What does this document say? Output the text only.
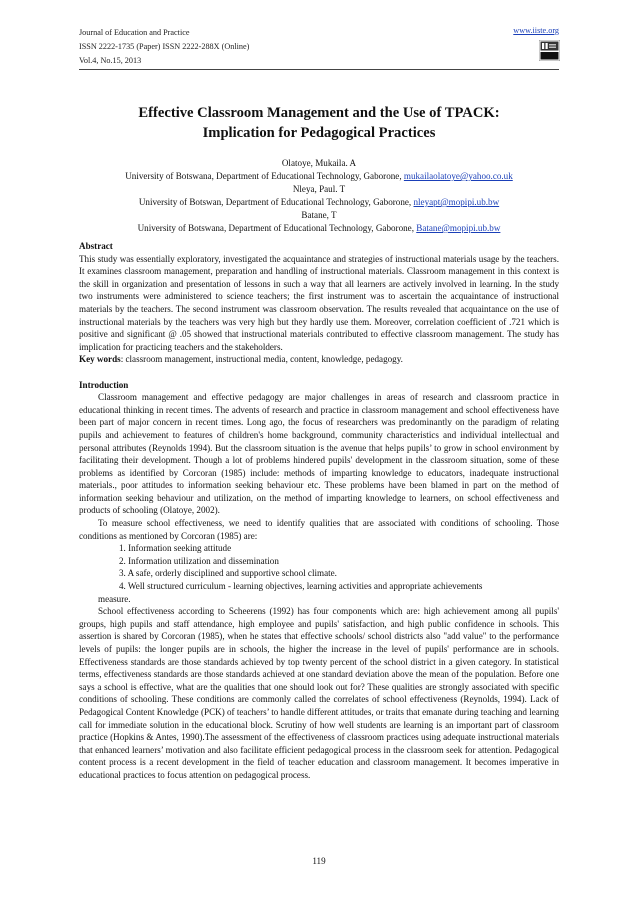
Journal of Education and Practice
ISSN 2222-1735 (Paper) ISSN 2222-288X (Online)
Vol.4, No.15, 2013
www.iiste.org
Effective Classroom Management and the Use of TPACK:
Implication for Pedagogical Practices
Olatoye, Mukaila. A
University of Botswana, Department of Educational Technology, Gaborone, mukailaolatoye@yahoo.co.uk
Nleya, Paul. T
University of Botswan, Department of Educational Technology, Gaborone, nleyapt@mopipi.ub.bw
Batane, T
University of Botswana, Department of Educational Technology, Gaborone, Batane@mopipi.ub.bw
Abstract

This study was essentially exploratory, investigated the acquaintance and strategies of instructional materials usage by the teachers. It examines classroom management, preparation and handling of instructional materials. Classroom management in this context is the skill in organization and presentation of lessons in such a way that all learners are actively involved in learning. In the study two instruments were administered to science teachers; the first instrument was to ascertain the acquaintance of instructional materials by the teachers. The second instrument was classroom observation. The results revealed that acquaintance on the use of instructional materials by the teachers was very high but they hardly use them. Moreover, correlation coefficient of .721 which is positive and significant @ .05 showed that instructional materials contributed to effective classroom management. The study has implication for practicing teachers and the stakeholders.

Key words: classroom management, instructional media, content, knowledge, pedagogy.

Introduction

Classroom management and effective pedagogy are major challenges in areas of research and classroom practice in educational thinking in recent times. The advents of research and practice in classroom management and school effectiveness have been part of major concern in recent times. Long ago, the focus of researchers was predominantly on the paradigm of relating pupils and achievement to features of children's home background, community characteristics and individual intellectual and personal attributes (Reynolds 1994). But the classroom situation is the avenue that helps pupils’ to grow in school environment by facilitating their development. Though a lot of problems hindered pupils' development in the classroom situation, some of these problems as identified by Corcoran (1985) include: methods of imparting knowledge to educators, inadequate instructional materials., poor attitudes to information seeking behaviour etc. These problems have been blamed in part on the method of information seeking behaviour and utilization, on the method of imparting knowledge to learners, on school effectiveness and products of schooling (Olatoye, 2002).

To measure school effectiveness, we need to identify qualities that are associated with conditions of schooling. Those conditions as mentioned by Corcoran (1985) are:

1. Information seeking attitude

2. Information utilization and dissemination

3. A safe, orderly disciplined and supportive school climate.

4. Well structured curriculum - learning objectives, learning activities and appropriate achievements

measure.

School effectiveness according to Scheerens (1992) has four components which are: high achievement among all pupils' groups, high pupils and staff attendance, high employee and pupils' satisfaction, and high public confidence in schools. This assertion is shared by Corcoran (1985), when he states that effective schools/ school districts also "add value" to the performance levels of pupils: the longer pupils are in schools, the higher the increase in the level of pupils' performance are in schools. Effectiveness standards are those standards achieved by top twenty percent of the school district in a given category. In statistical terms, effectiveness standards are those standards achieved at one standard deviation above the mean of the population. Before one says a school is effective, what are the qualities that one should look out for? These qualities are strongly associated with specific conditions of schooling. These conditions are commonly called the correlates of school effectiveness (Reynolds, 1994). Lack of Pedagogical Content Knowledge (PCK) of teachers’ to handle different attitudes, or traits that emanate during teaching and learning call for immediate solution in the educational block. Scrutiny of how well students are learning is an important part of classroom practice (Hopkins & Antes, 1990).The assessment of the effectiveness of classroom practices using adequate instructional materials that enhanced learners’ motivation and also facilitate efficient pedagogical process in the classroom seek for attention. Pedagogical content process is a recent development in the field of teacher education and classroom management. It becomes imperative in educational practices to focus attention on pedagogical process.

119
